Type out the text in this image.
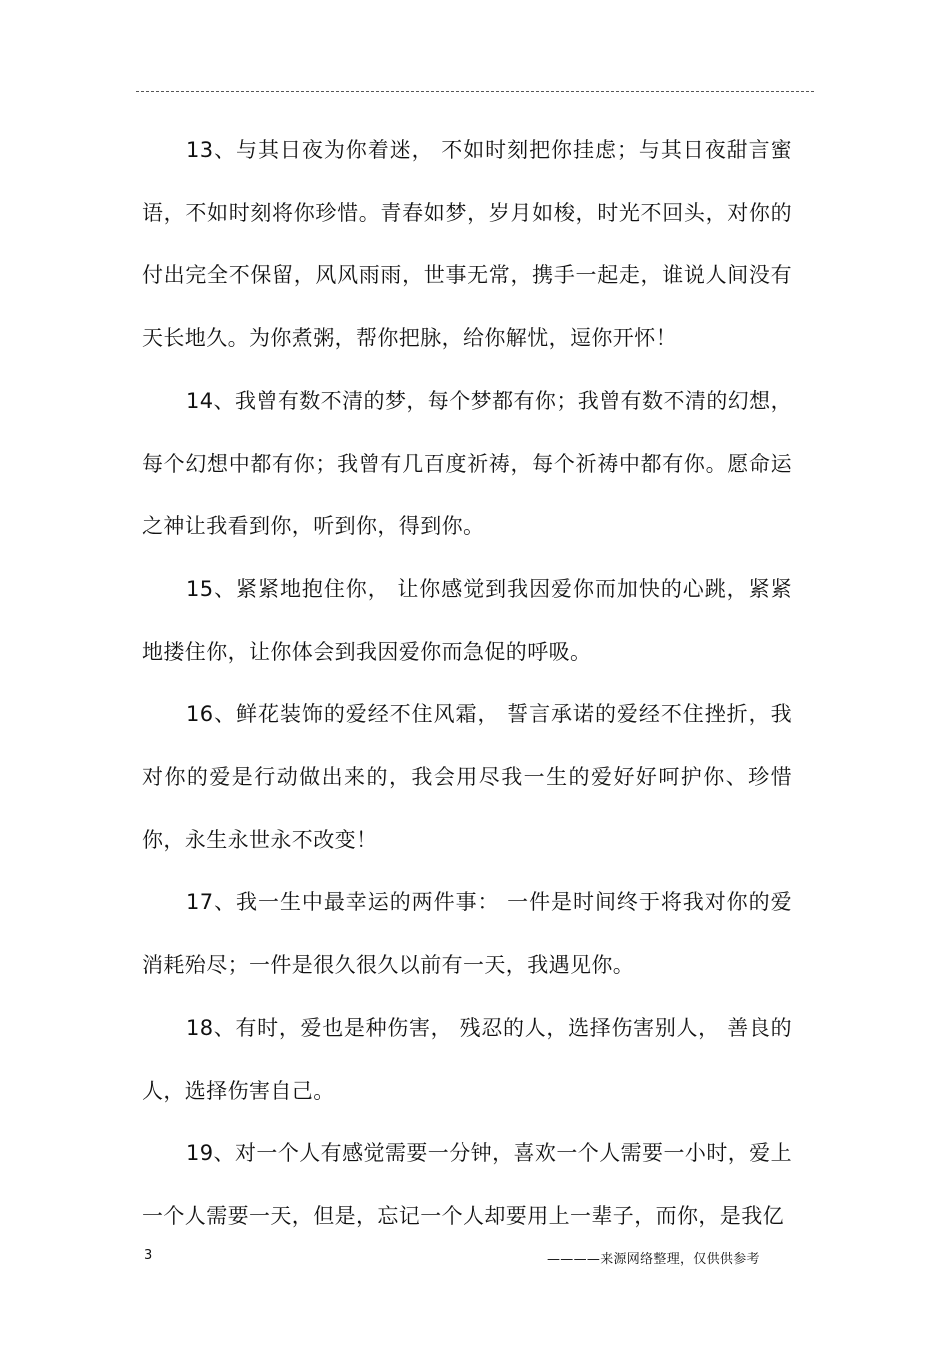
13、与其日夜为你着迷， 不如时刻把你挂虑；与其日夜甜言蜜语，不如时刻将你珍惜。青春如梦，岁月如梭，时光不回头，对你的付出完全不保留，风风雨雨，世事无常，携手一起走，谁说人间没有天长地久。为你煮粥，帮你把脉，给你解忧，逗你开怀！

14、我曾有数不清的梦，每个梦都有你；我曾有数不清的幻想，每个幻想中都有你；我曾有几百度祈祷，每个祈祷中都有你。愿命运之神让我看到你，听到你，得到你。

15、紧紧地抱住你， 让你感觉到我因爱你而加快的心跳，紧紧地搂住你，让你体会到我因爱你而急促的呼吸。

16、鲜花装饰的爱经不住风霜， 誓言承诺的爱经不住挫折，我对你的爱是行动做出来的，我会用尽我一生的爱好好呵护你、珍惜你，永生永世永不改变！

17、我一生中最幸运的两件事： 一件是时间终于将我对你的爱消耗殆尽；一件是很久很久以前有一天，我遇见你。

18、有时，爱也是种伤害， 残忍的人，选择伤害别人， 善良的人，选择伤害自己。

19、对一个人有感觉需要一分钟，喜欢一个人需要一小时，爱上一个人需要一天，但是，忘记一个人却要用上一辈子，而你，是我亿

3	————来源网络整理，仅供供参考
